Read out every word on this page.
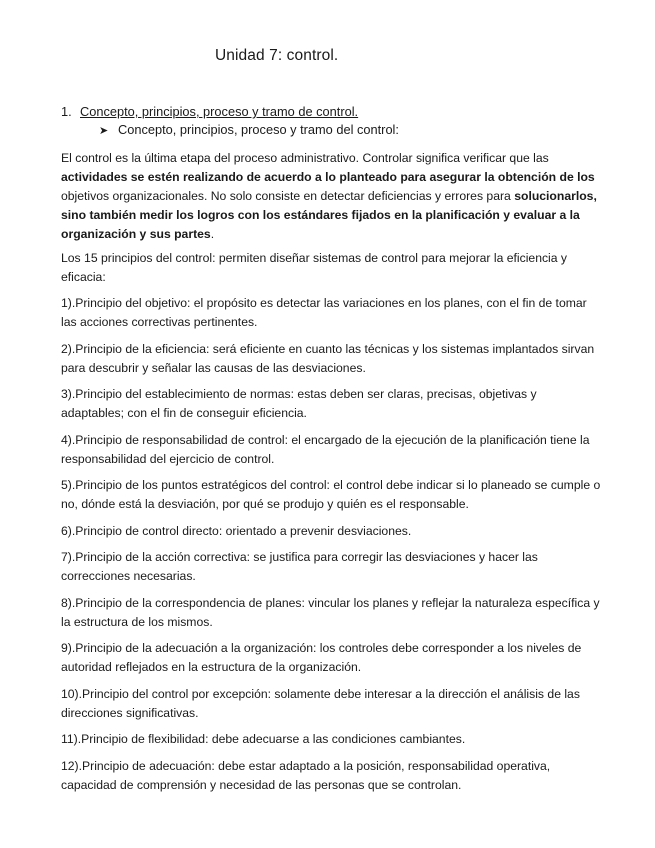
Unidad 7: control.
1. Concepto, principios, proceso y tramo de control.
➤ Concepto, principios, proceso y tramo del control:

El control es la última etapa del proceso administrativo. Controlar significa verificar que las actividades se estén realizando de acuerdo a lo planteado para asegurar la obtención de los objetivos organizacionales. No solo consiste en detectar deficiencias y errores para solucionarlos, sino también medir los logros con los estándares fijados en la planificación y evaluar a la organización y sus partes.

Los 15 principios del control: permiten diseñar sistemas de control para mejorar la eficiencia y eficacia:

1).Principio del objetivo: el propósito es detectar las variaciones en los planes, con el fin de tomar las acciones correctivas pertinentes.
2).Principio de la eficiencia: será eficiente en cuanto las técnicas y los sistemas implantados sirvan para descubrir y señalar las causas de las desviaciones.
3).Principio del establecimiento de normas: estas deben ser claras, precisas, objetivas y adaptables; con el fin de conseguir eficiencia.
4).Principio de responsabilidad de control: el encargado de la ejecución de la planificación tiene la responsabilidad del ejercicio de control.
5).Principio de los puntos estratégicos del control: el control debe indicar si lo planeado se cumple o no, dónde está la desviación, por qué se produjo y quién es el responsable.
6).Principio de control directo: orientado a prevenir desviaciones.
7).Principio de la acción correctiva: se justifica para corregir las desviaciones y hacer las correcciones necesarias.
8).Principio de la correspondencia de planes: vincular los planes y reflejar la naturaleza específica y la estructura de los mismos.
9).Principio de la adecuación a la organización: los controles debe corresponder a los niveles de autoridad reflejados en la estructura de la organización.
10).Principio del control por excepción: solamente debe interesar a la dirección el análisis de las direcciones significativas.
11).Principio de flexibilidad: debe adecuarse a las condiciones cambiantes.
12).Principio de adecuación: debe estar adaptado a la posición, responsabilidad operativa, capacidad de comprensión y necesidad de las personas que se controlan.
